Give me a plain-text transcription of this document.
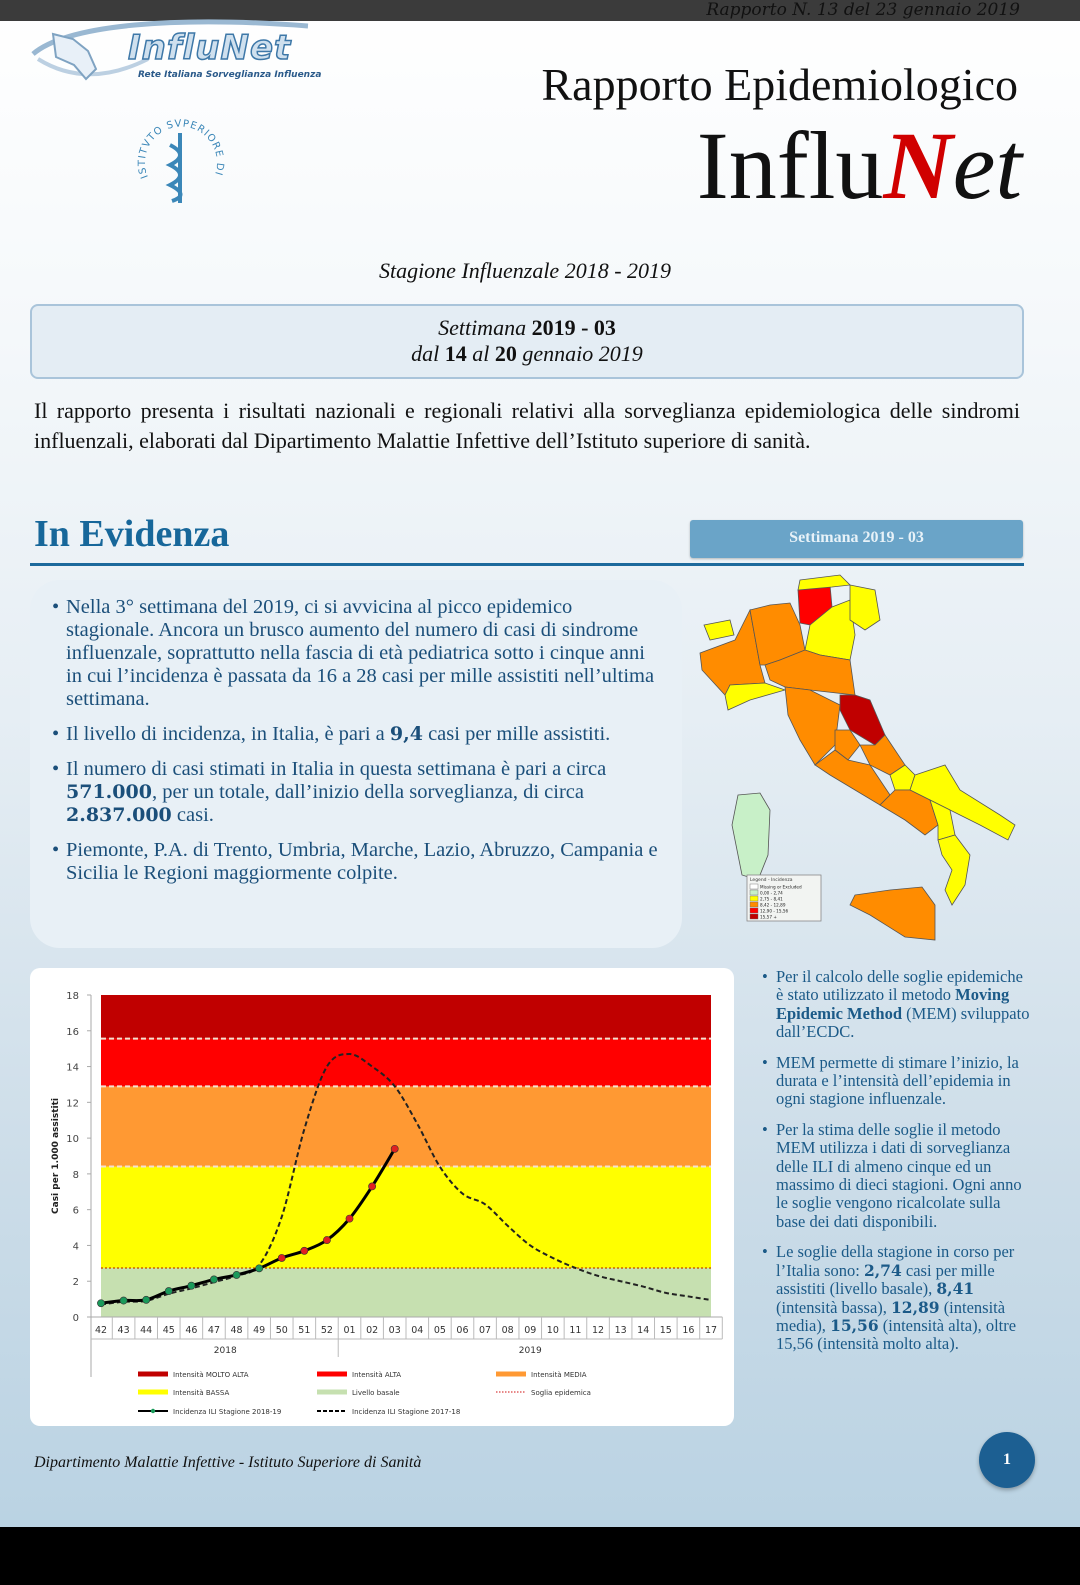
Rapporto N. 13 del 23 gennaio 2019
InfluNet
Rete Italiana Sorveglianza Influenza
ISTITVTO SVPERIORE DI
Rapporto Epidemiologico
InfluNet
Stagione Influenzale 2018 - 2019
Settimana 2019 - 03
dal 14 al 20 gennaio 2019

Il rapporto presenta i risultati nazionali e regionali relativi alla sorveglianza epidemiologica delle sindromi influenzali, elaborati dal Dipartimento Malattie Infettive dell’Istituto superiore di sanità.

In Evidenza	Settimana 2019 - 03
• Nella 3° settimana del 2019, ci si avvicina al picco epidemico stagionale. Ancora un brusco aumento del numero di casi di sindrome influenzale, soprattutto nella fascia di età pediatrica sotto i cinque anni in cui l’incidenza è passata da 16 a 28 casi per mille assistiti nell’ultima settimana.
• Il livello di incidenza, in Italia, è pari a 9,4 casi per mille assistiti.
• Il numero di casi stimati in Italia in questa settimana è pari a circa 571.000, per un totale, dall’inizio della sorveglianza, di circa 2.837.000 casi.
• Piemonte, P.A. di Trento, Umbria, Marche, Lazio, Abruzzo, Campania e Sicilia le Regioni maggiormente colpite.	Legend - Incidenza
Missing or Excluded
0,00 - 2,74
2,75 - 8,41
8,42 - 12,89
12,90 - 15,56
15,57 +
0
2
4
6
8
10
12
14
16
18
Casi per 1.000 assistiti
42 43 44 45 46 47 48 49 50 51 52 01 02 03 04 05 06 07 08 09 10 11 12 13 14 15 16 17
2018	2019
Intensità MOLTO ALTA	Intensità ALTA	Intensità MEDIA
Intensità BASSA	Livello basale	Soglia epidemica
Incidenza ILI Stagione 2018-19	Incidenza ILI Stagione 2017-18
• Per il calcolo delle soglie epidemiche è stato utilizzato il metodo Moving Epidemic Method (MEM) sviluppato dall’ECDC.
• MEM permette di stimare l’inizio, la durata e l’intensità dell’epidemia in ogni stagione influenzale.
• Per la stima delle soglie il metodo MEM utilizza i dati di sorveglianza delle ILI di almeno cinque ed un massimo di dieci stagioni. Ogni anno le soglie vengono ricalcolate sulla base dei dati disponibili.
• Le soglie della stagione in corso per l’Italia sono: 2,74 casi per mille assistiti (livello basale), 8,41 (intensità bassa), 12,89 (intensità media), 15,56 (intensità alta), oltre 15,56 (intensità molto alta).
Dipartimento Malattie Infettive - Istituto Superiore di Sanità	1
